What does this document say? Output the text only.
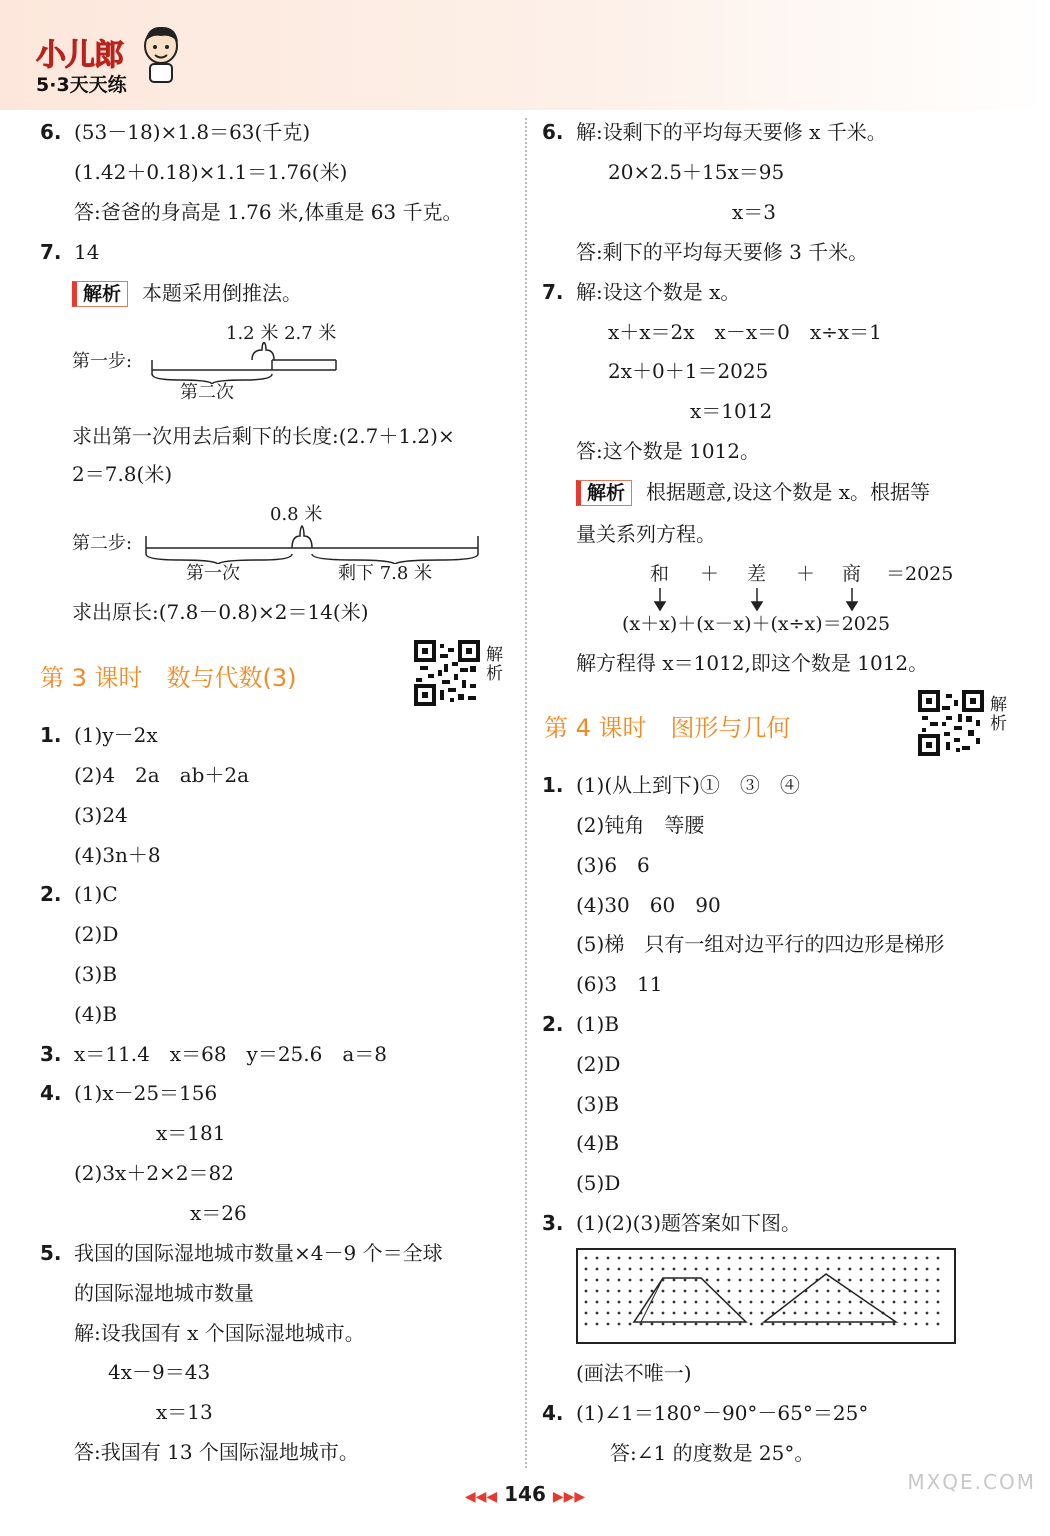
小儿郎
5·3天天练
6. (53－18)×1.8＝63(千克)
(1.42＋0.18)×1.1＝1.76(米)
答:爸爸的身高是 1.76 米,体重是 63 千克。
7. 14
解析 本题采用倒推法。
第一步:
1.2 米 2.7 米
第二次
求出第一次用去后剩下的长度:(2.7＋1.2)×
2＝7.8(米)
0.8 米
第二步:
第一次	剩下 7.8 米
求出原长:(7.8－0.8)×2＝14(米)
第 3 课时　数与代数(3)
解析
1. (1)y－2x
(2)4　2a　ab＋2a
(3)24
(4)3n＋8
2. (1)C
(2)D
(3)B
(4)B
3. x＝11.4　x＝68　y＝25.6　a＝8
4. (1)x－25＝156
x＝181
(2)3x＋2×2＝82
x＝26
5. 我国的国际湿地城市数量×4－9 个＝全球
的国际湿地城市数量
解:设我国有 x 个国际湿地城市。
4x－9＝43
x＝13
答:我国有 13 个国际湿地城市。
6. 解:设剩下的平均每天要修 x 千米。
20×2.5＋15x＝95
x＝3
答:剩下的平均每天要修 3 千米。
7. 解:设这个数是 x。
x＋x＝2x　x－x＝0　x÷x＝1
2x＋0＋1＝2025
x＝1012
答:这个数是 1012。
解析 根据题意,设这个数是 x。根据等
量关系列方程。
和 ＋ 差 ＋ 商 ＝2025
(x＋x)＋(x－x)＋(x÷x)＝2025
解方程得 x＝1012,即这个数是 1012。
第 4 课时　图形与几何
解析
1. (1)(从上到下)①　③　④
(2)钝角　等腰
(3)6　6
(4)30　60　90
(5)梯　只有一组对边平行的四边形是梯形
(6)3　11
2. (1)B
(2)D
(3)B
(4)B
(5)D
3. (1)(2)(3)题答案如下图。
(画法不唯一)
4. (1)∠1＝180°－90°－65°＝25°
答:∠1 的度数是 25°。
◀◀◀ 146 ▶▶▶
MXQE.COM
